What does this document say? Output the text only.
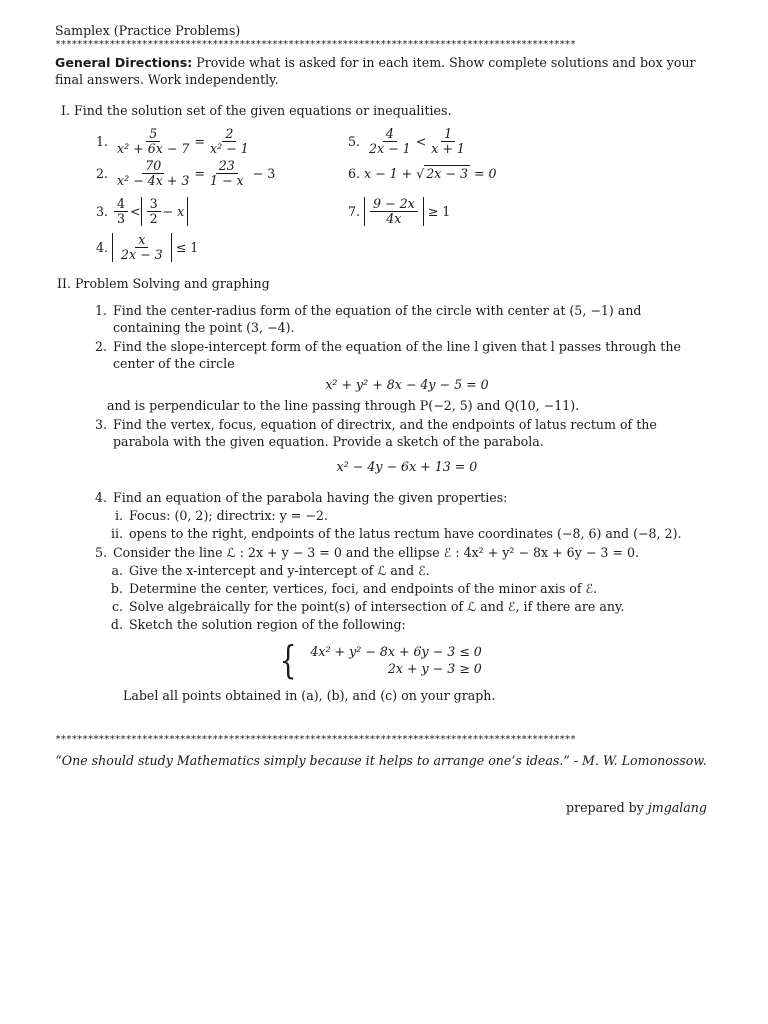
Samplex (Practice Problems)
************************************************************************************************
General Directions: Provide what is asked for in each item. Show complete solutions and box your final answers. Work independently.
I. Find the solution set of the given equations or inequalities.
1. $\frac{5}{\text{x² + 6x − 7}} = \frac{2}{\text{x² − 1}}$
2. $\frac{70}{\text{x² − 4x + 3}} = \frac{23}{1 - x} - 3$
3. $\frac{4}{3} < \frac{3}{2} - x$
4. $\frac{x}{2x - 3} \le 1$
5. $\frac{4}{2x - 1} < \frac{1}{x + 1}$
6. x − 1 + √ 2x − 3 = 0
7. $\frac{9 - 2x}{4x} \ge 1$
II. Problem Solving and graphing
1. Find the center-radius form of the equation of the circle with center at (5, −1) and containing the point (3, −4).
2. Find the slope-intercept form of the equation of the line l given that l passes through the center of the circle
x² + y² + 8x − 4y − 5 = 0
and is perpendicular to the line passing through P(−2, 5) and Q(10, −11).
3. Find the vertex, focus, equation of directrix, and the endpoints of latus rectum of the parabola with the given equation. Provide a sketch of the parabola.
x² − 4y − 6x + 13 = 0
4. Find an equation of the parabola having the given properties:
i. Focus: (0, 2); directrix: y = −2.
ii. opens to the right, endpoints of the latus rectum have coordinates (−8, 6) and (−8, 2).
5. Consider the line ℒ : 2x + y − 3 = 0 and the ellipse ℰ : 4x² + y² − 8x + 6y − 3 = 0.
a. Give the x-intercept and y-intercept of ℒ and ℰ.
b. Determine the center, vertices, foci, and endpoints of the minor axis of ℰ.
c. Solve algebraically for the point(s) of intersection of ℒ and ℰ, if there are any.
d. Sketch the solution region of the following:
{ 4x² + y² − 8x + 6y − 3 ≤ 0
2x + y − 3 ≥ 0
Label all points obtained in (a), (b), and (c) on your graph.
************************************************************************************************
“One should study Mathematics simply because it helps to arrange one’s ideas.” - M. W. Lomonossow.
prepared by jmgalang
